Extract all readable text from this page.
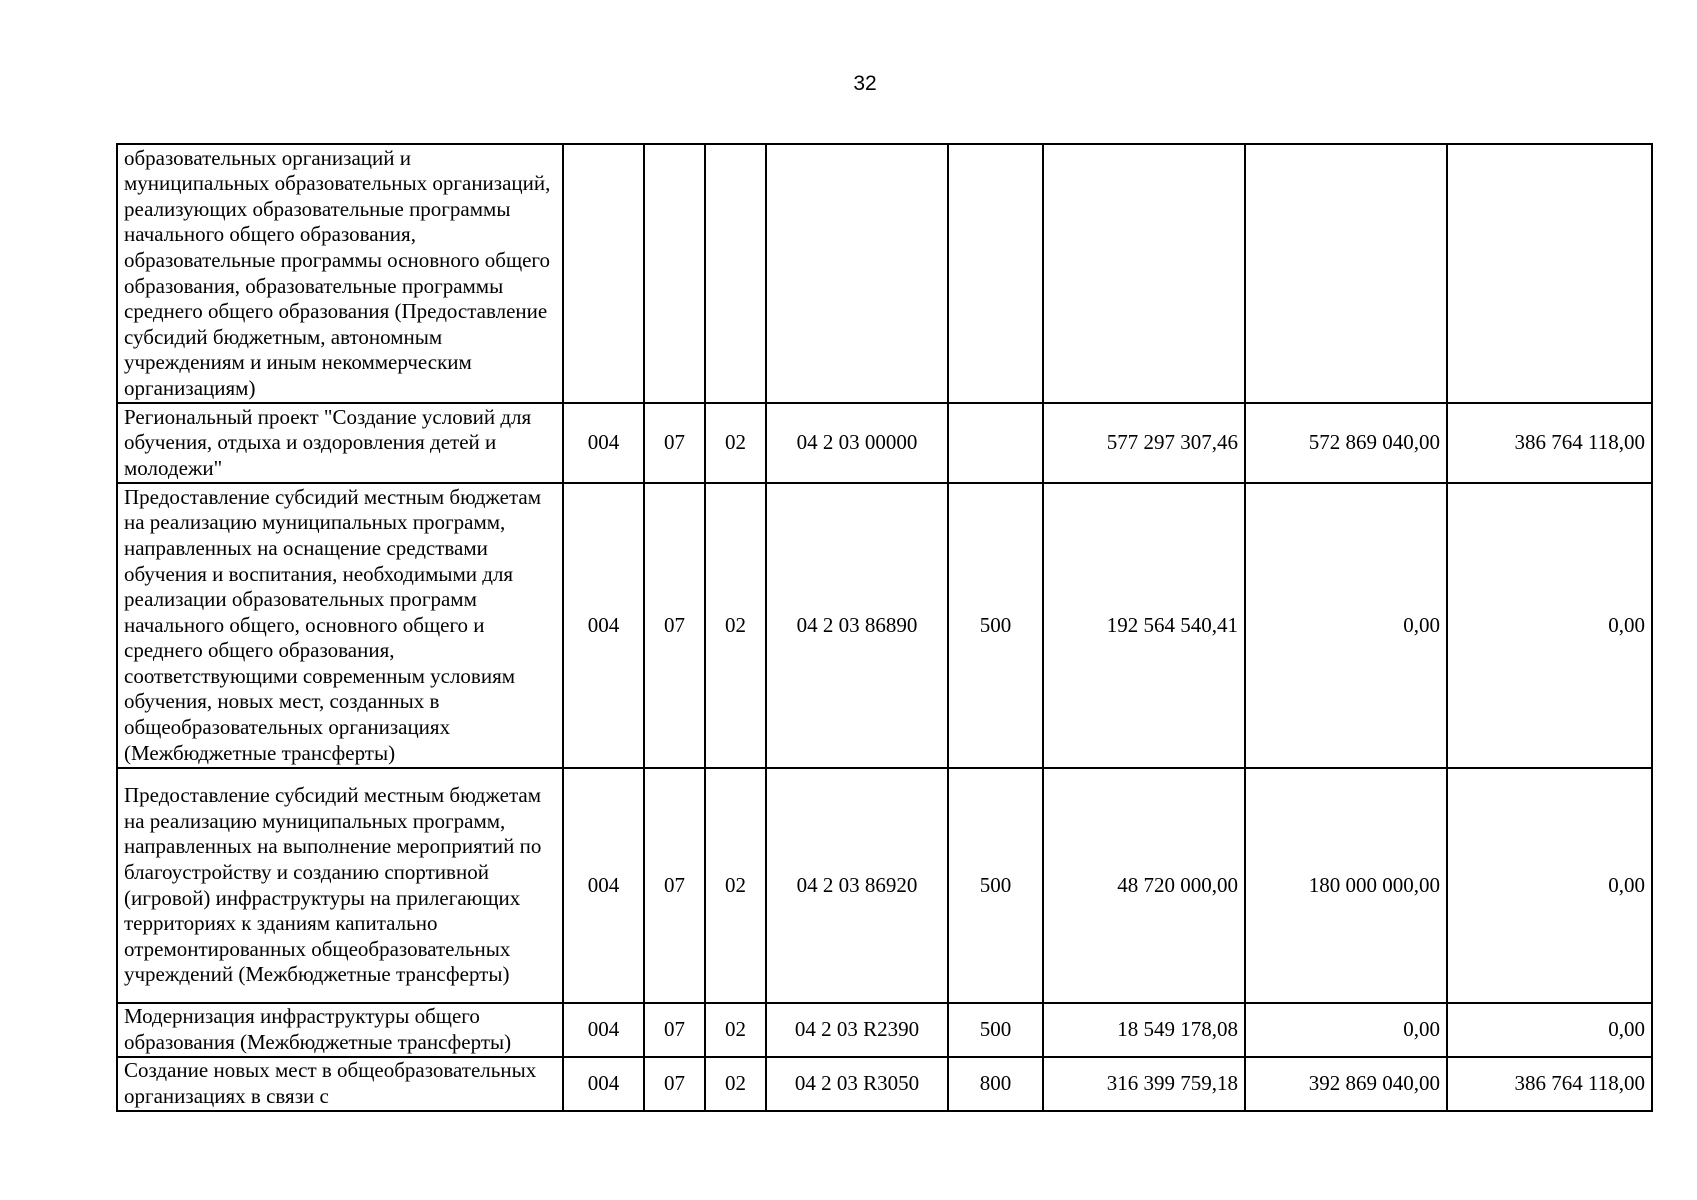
32
образовательных организаций и муниципальных образовательных организаций, реализующих образовательные программы начального общего образования, образовательные программы основного общего образования, образовательные программы среднего общего образования (Предоставление субсидий бюджетным, автономным учреждениям и иным некоммерческим организациям)								
Региональный проект "Создание условий для обучения, отдыха и оздоровления детей и молодежи"	004	07	02	04 2 03 00000		577 297 307,46	572 869 040,00	386 764 118,00
Предоставление субсидий местным бюджетам на реализацию муниципальных программ, направленных на оснащение средствами обучения и воспитания, необходимыми для реализации образовательных программ начального общего, основного общего и среднего общего образования, соответствующими современным условиям обучения, новых мест, созданных в общеобразовательных организациях (Межбюджетные трансферты)	004	07	02	04 2 03 86890	500	192 564 540,41	0,00	0,00
Предоставление субсидий местным бюджетам на реализацию муниципальных программ, направленных на выполнение мероприятий по благоустройству и созданию спортивной (игровой) инфраструктуры на прилегающих территориях к зданиям капитально отремонтированных общеобразовательных учреждений (Межбюджетные трансферты)	004	07	02	04 2 03 86920	500	48 720 000,00	180 000 000,00	0,00
Модернизация инфраструктуры общего образования (Межбюджетные трансферты)	004	07	02	04 2 03 R2390	500	18 549 178,08	0,00	0,00
Создание новых мест в общеобразовательных организациях в связи с	004	07	02	04 2 03 R3050	800	316 399 759,18	392 869 040,00	386 764 118,00
